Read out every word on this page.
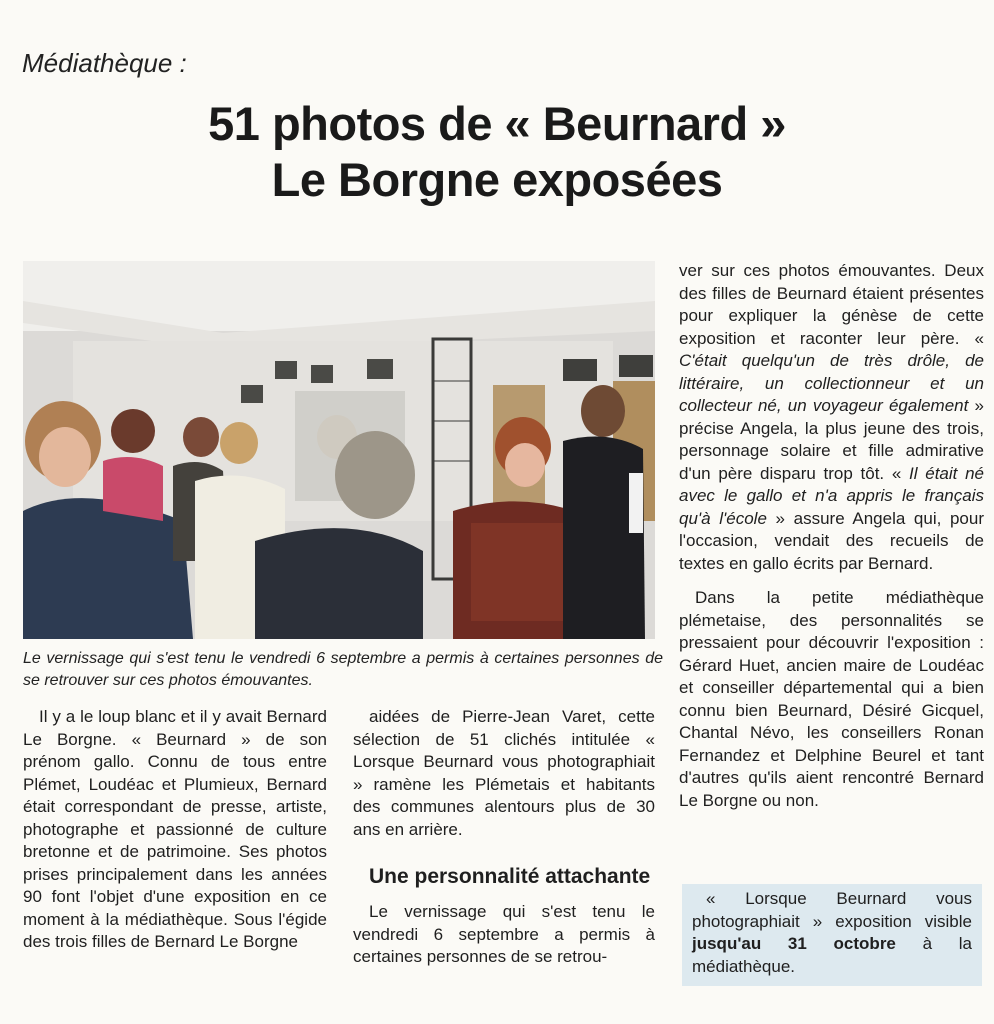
Médiathèque :
51 photos de « Beurnard »
Le Borgne exposées
Le vernissage qui s'est tenu le vendredi 6 septembre a permis à certaines personnes de se retrouver sur ces photos émouvantes.

Il y a le loup blanc et il y avait Bernard Le Borgne. « Beurnard » de son prénom gallo. Connu de tous entre Plémet, Loudéac et Plumieux, Bernard était correspondant de presse, artiste, photographe et passionné de culture bretonne et de patrimoine. Ses photos prises principalement dans les années 90 font l'objet d'une exposition en ce moment à la médiathèque. Sous l'égide des trois filles de Bernard Le Borgne

aidées de Pierre-Jean Varet, cette sélection de 51 clichés intitulée « Lorsque Beurnard vous photographiait » ramène les Plémetais et habitants des communes alentours plus de 30 ans en arrière.

Une personnalité attachante

Le vernissage qui s'est tenu le vendredi 6 septembre a permis à certaines personnes de se retrou-

ver sur ces photos émouvantes. Deux des filles de Beurnard étaient présentes pour expliquer la génèse de cette exposition et raconter leur père. « C'était quelqu'un de très drôle, de littéraire, un collectionneur et un collecteur né, un voyageur également » précise Angela, la plus jeune des trois, personnage solaire et fille admirative d'un père disparu trop tôt. « Il était né avec le gallo et n'a appris le français qu'à l'école » assure Angela qui, pour l'occasion, vendait des recueils de textes en gallo écrits par Bernard.

Dans la petite médiathèque plémetaise, des personnalités se pressaient pour découvrir l'exposition : Gérard Huet, ancien maire de Loudéac et conseiller départemental qui a bien connu bien Beurnard, Désiré Gicquel, Chantal Névo, les conseillers Ronan Fernandez et Delphine Beurel et tant d'autres qu'ils aient rencontré Bernard Le Borgne ou non.

« Lorsque Beurnard vous photographiait » exposition visible jusqu'au 31 octobre à la médiathèque.
